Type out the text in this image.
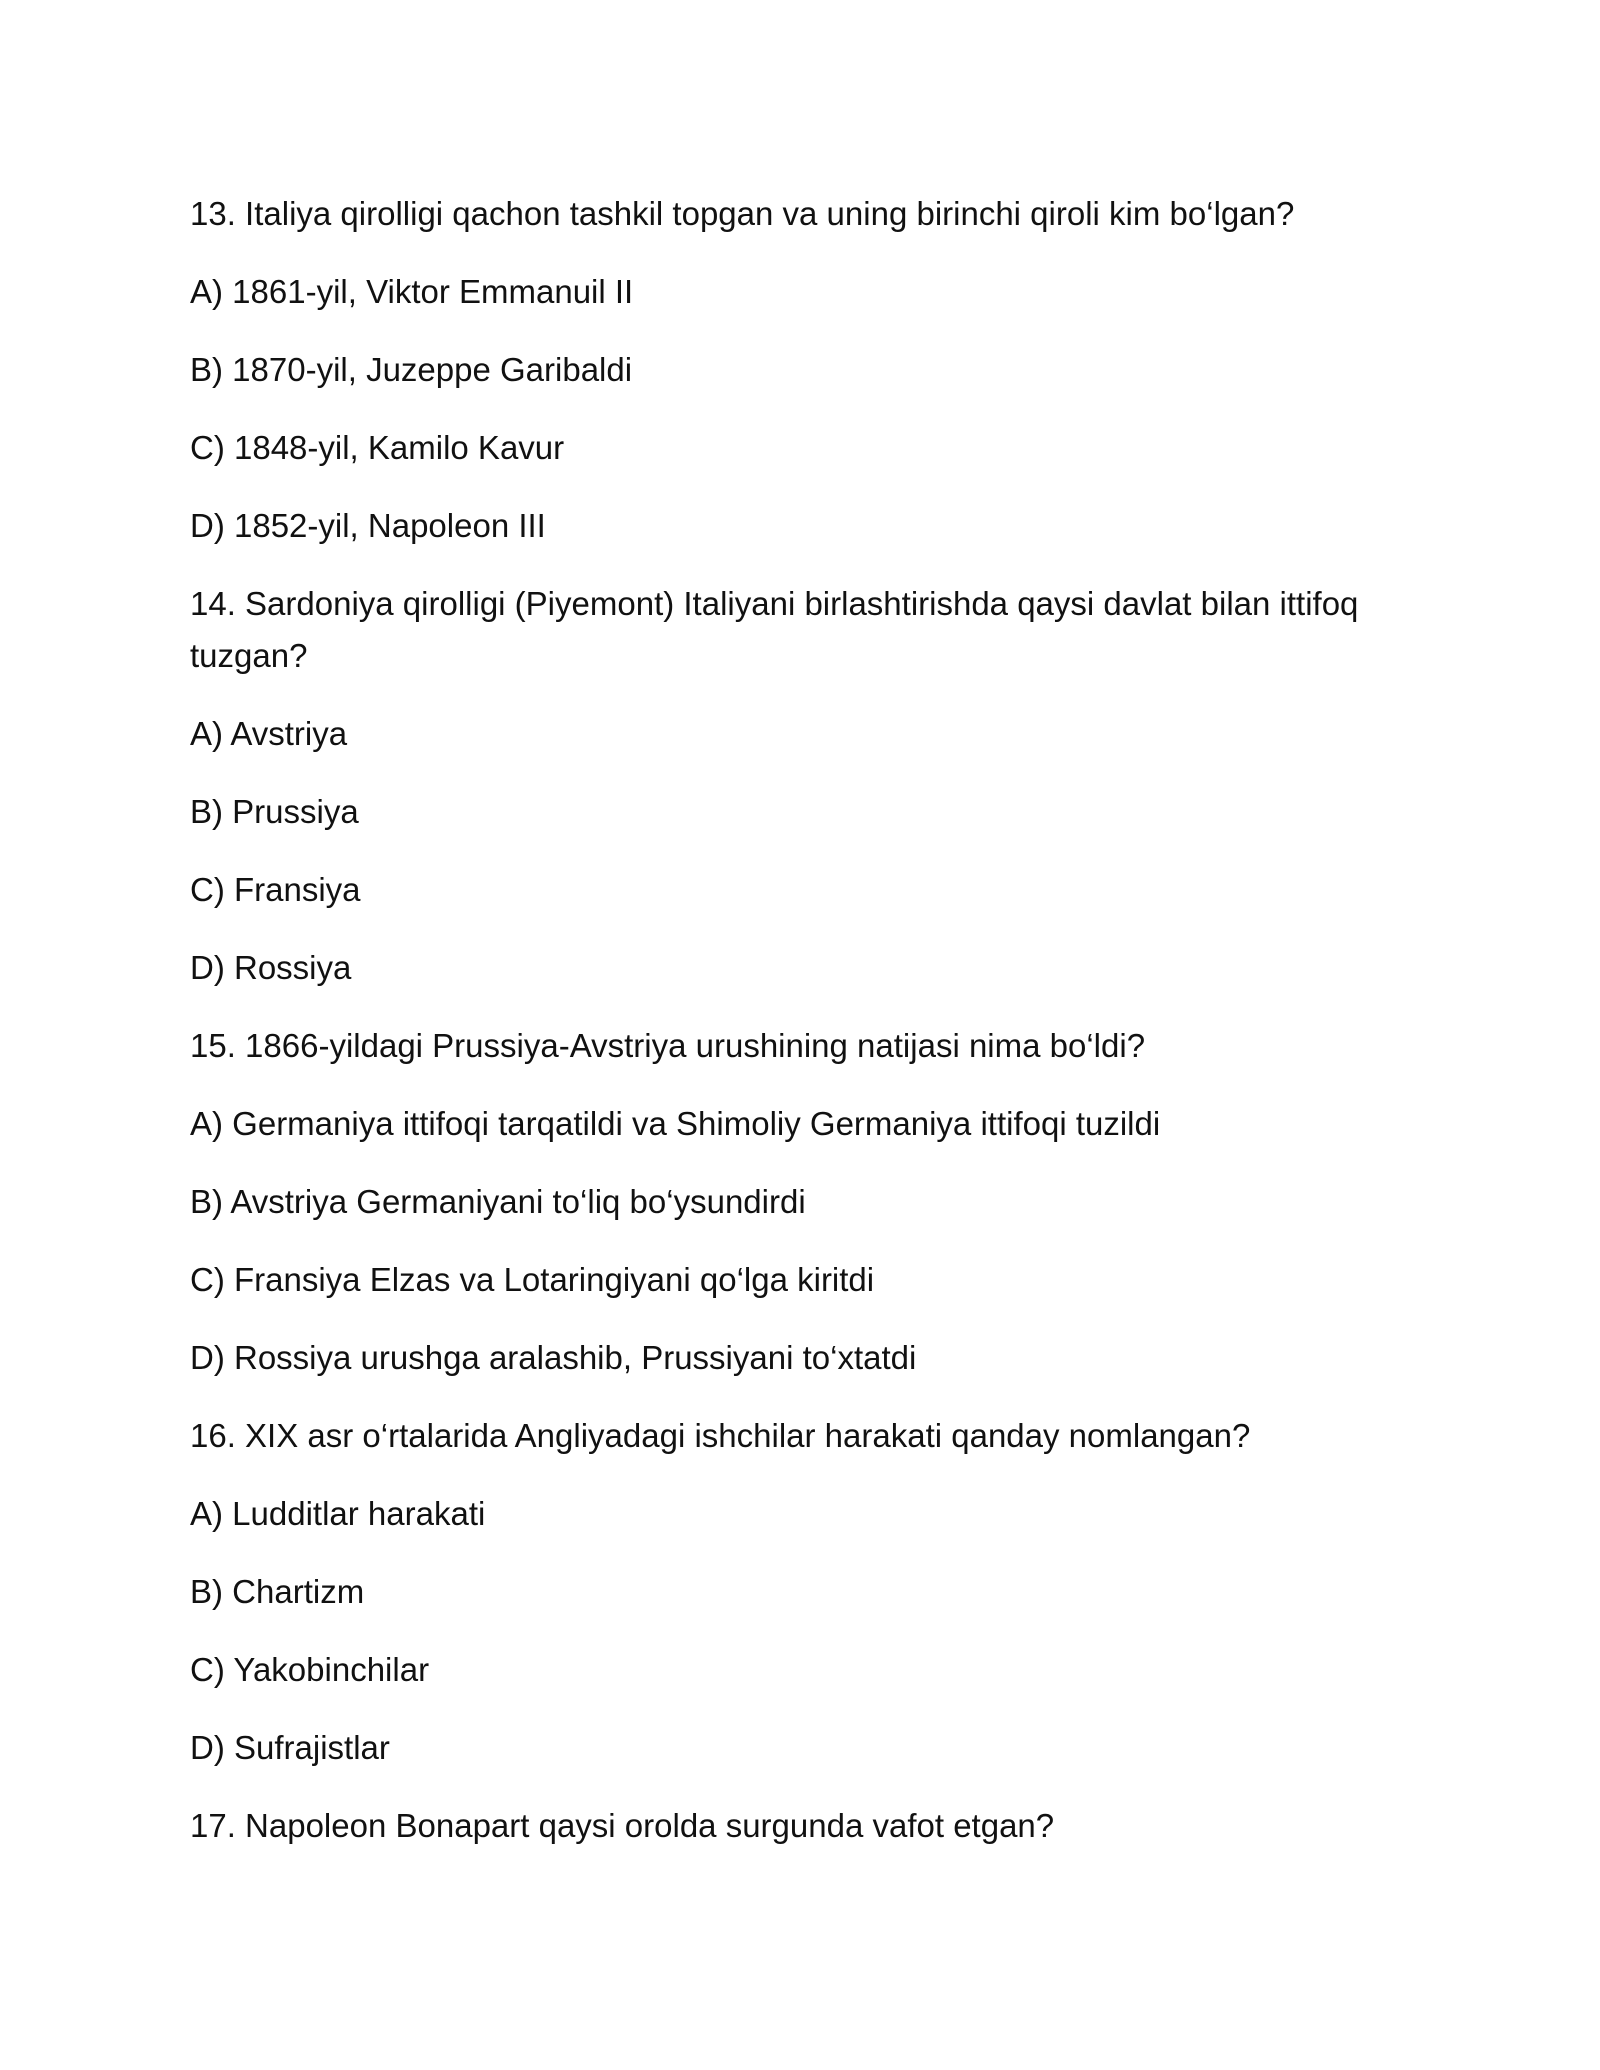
13. Italiya qirolligi qachon tashkil topgan va uning birinchi qiroli kim bo‘lgan?

A) 1861-yil, Viktor Emmanuil II

B) 1870-yil, Juzeppe Garibaldi

C) 1848-yil, Kamilo Kavur

D) 1852-yil, Napoleon III

14. Sardoniya qirolligi (Piyemont) Italiyani birlashtirishda qaysi davlat bilan ittifoq tuzgan?

A) Avstriya

B) Prussiya

C) Fransiya

D) Rossiya

15. 1866-yildagi Prussiya-Avstriya urushining natijasi nima bo‘ldi?

A) Germaniya ittifoqi tarqatildi va Shimoliy Germaniya ittifoqi tuzildi

B) Avstriya Germaniyani to‘liq bo‘ysundirdi

C) Fransiya Elzas va Lotaringiyani qo‘lga kiritdi

D) Rossiya urushga aralashib, Prussiyani to‘xtatdi

16. XIX asr o‘rtalarida Angliyadagi ishchilar harakati qanday nomlangan?

A) Ludditlar harakati

B) Chartizm

C) Yakobinchilar

D) Sufrajistlar

17. Napoleon Bonapart qaysi orolda surgunda vafot etgan?
